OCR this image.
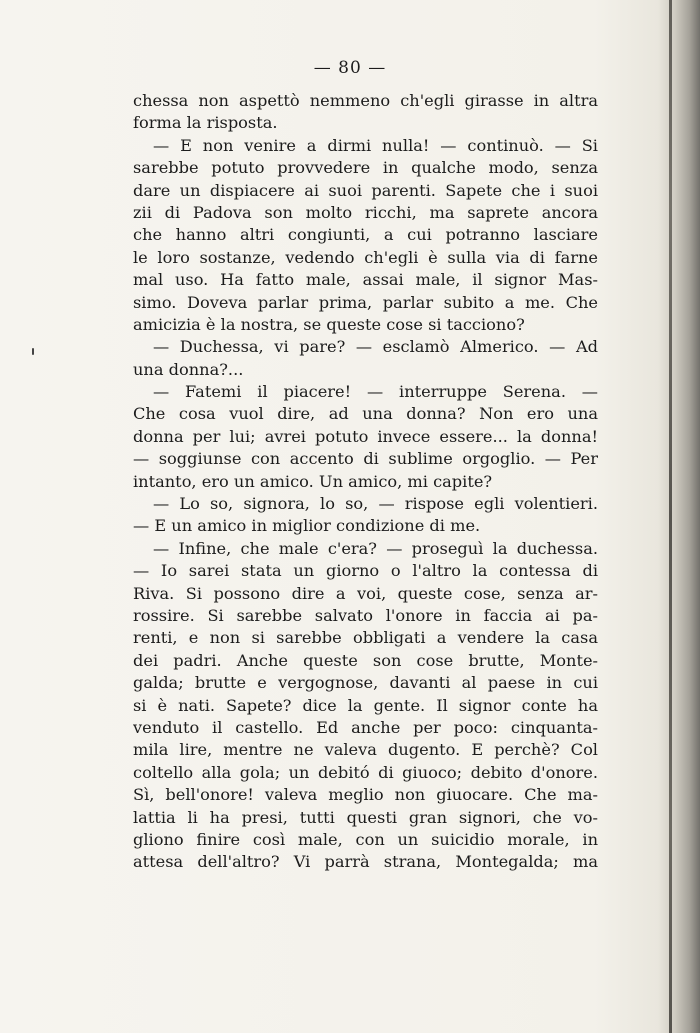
— 80 —
chessa non aspettò nemmeno ch'egli girasse in altra
forma la risposta.
— E non venire a dirmi nulla! — continuò. — Si
sarebbe potuto provvedere in qualche modo, senza
dare un dispiacere ai suoi parenti. Sapete che i suoi
zii di Padova son molto ricchi, ma saprete ancora
che hanno altri congiunti, a cui potranno lasciare
le loro sostanze, vedendo ch'egli è sulla via di farne
mal uso. Ha fatto male, assai male, il signor Mas-
simo. Doveva parlar prima, parlar subito a me. Che
amicizia è la nostra, se queste cose si tacciono?
— Duchessa, vi pare? — esclamò Almerico. — Ad
una donna?...
— Fatemi il piacere! — interruppe Serena. —
Che cosa vuol dire, ad una donna? Non ero una
donna per lui; avrei potuto invece essere... la donna!
— soggiunse con accento di sublime orgoglio. — Per
intanto, ero un amico. Un amico, mi capite?
— Lo so, signora, lo so, — rispose egli volentieri.
— E un amico in miglior condizione di me.
— Infine, che male c'era? — proseguì la duchessa.
— Io sarei stata un giorno o l'altro la contessa di
Riva. Si possono dire a voi, queste cose, senza ar-
rossire. Si sarebbe salvato l'onore in faccia ai pa-
renti, e non si sarebbe obbligati a vendere la casa
dei padri. Anche queste son cose brutte, Monte-
galda; brutte e vergognose, davanti al paese in cui
si è nati. Sapete? dice la gente. Il signor conte ha
venduto il castello. Ed anche per poco: cinquanta-
mila lire, mentre ne valeva dugento. E perchè? Col
coltello alla gola; un debitó di giuoco; debito d'onore.
Sì, bell'onore! valeva meglio non giuocare. Che ma-
lattia li ha presi, tutti questi gran signori, che vo-
gliono finire così male, con un suicidio morale, in
attesa dell'altro? Vi parrà strana, Montegalda; ma
